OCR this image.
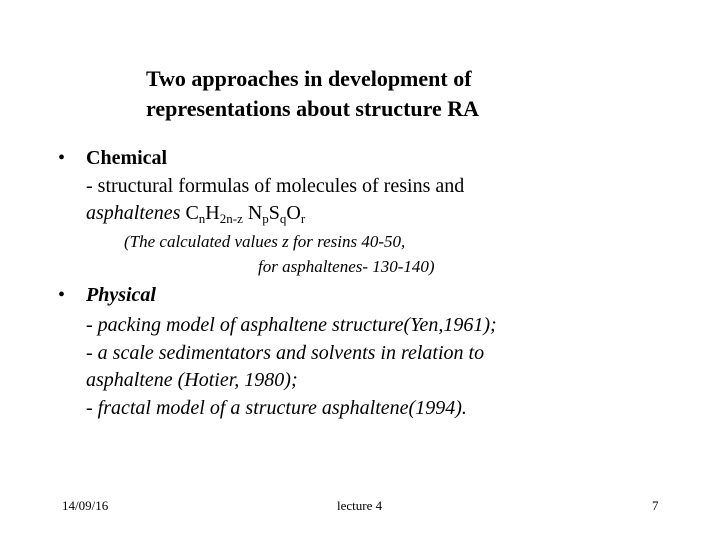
Two approaches in development of
representations about structure RA
• Chemical
- structural formulas of molecules of resins and
asphaltenes $C_nH_{2n-z}$ $N_pS_qO_r$
(The calculated values z for resins 40-50,
for asphaltenes- 130-140)
• Physical
- packing model of asphaltene structure(Yen,1961);
- a scale sedimentators and solvents in relation to
asphaltene (Hotier, 1980);
- fractal model of a structure asphaltene(1994).
14/09/16	lecture 4	7
